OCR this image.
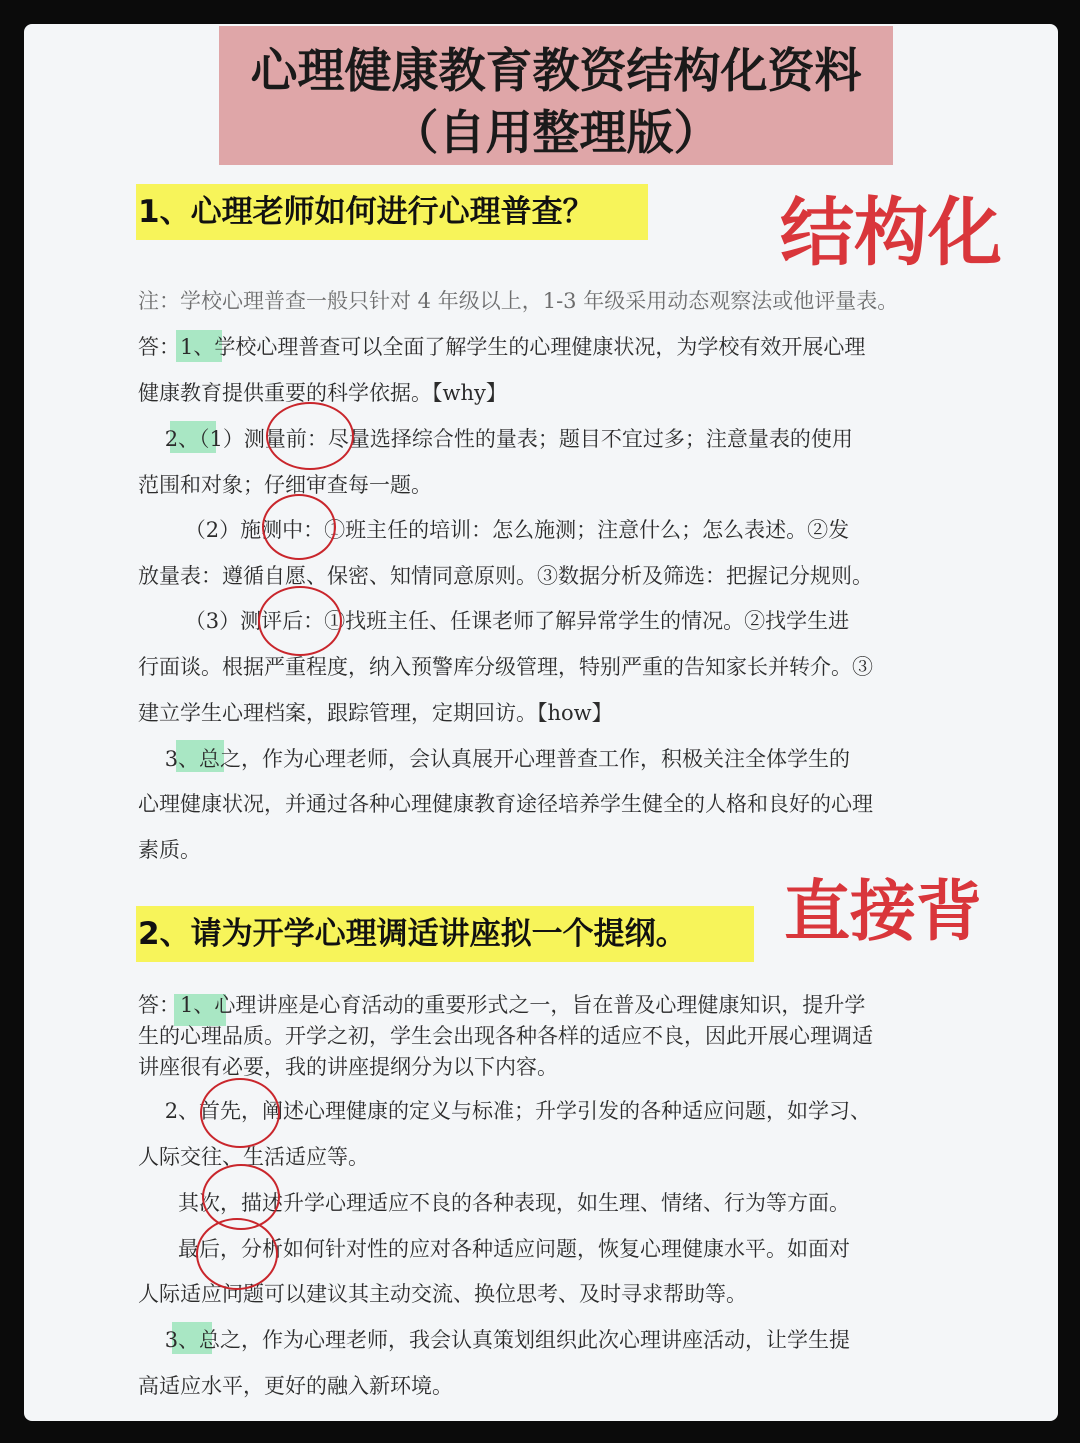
心理健康教育教资结构化资料
（自用整理版）
1、心理老师如何进行心理普查？	结构化
注：学校心理普查一般只针对 4 年级以上，1-3 年级采用动态观察法或他评量表。
答：1、学校心理普查可以全面了解学生的心理健康状况，为学校有效开展心理
健康教育提供重要的科学依据。【why】
2、（1）测量前：尽量选择综合性的量表；题目不宜过多；注意量表的使用
范围和对象；仔细审查每一题。
（2）施测中：①班主任的培训：怎么施测；注意什么；怎么表述。②发
放量表：遵循自愿、保密、知情同意原则。③数据分析及筛选：把握记分规则。
（3）测评后：①找班主任、任课老师了解异常学生的情况。②找学生进
行面谈。根据严重程度，纳入预警库分级管理，特别严重的告知家长并转介。③
建立学生心理档案，跟踪管理，定期回访。【how】
3、总之，作为心理老师，会认真展开心理普查工作，积极关注全体学生的
心理健康状况，并通过各种心理健康教育途径培养学生健全的人格和良好的心理
素质。
2、请为开学心理调适讲座拟一个提纲。	直接背
答：1、心理讲座是心育活动的重要形式之一，旨在普及心理健康知识，提升学
生的心理品质。开学之初，学生会出现各种各样的适应不良，因此开展心理调适
讲座很有必要，我的讲座提纲分为以下内容。
2、首先，阐述心理健康的定义与标准；升学引发的各种适应问题，如学习、
人际交往、生活适应等。
其次，描述升学心理适应不良的各种表现，如生理、情绪、行为等方面。
最后，分析如何针对性的应对各种适应问题，恢复心理健康水平。如面对
人际适应问题可以建议其主动交流、换位思考、及时寻求帮助等。
3、总之，作为心理老师，我会认真策划组织此次心理讲座活动，让学生提
高适应水平，更好的融入新环境。
